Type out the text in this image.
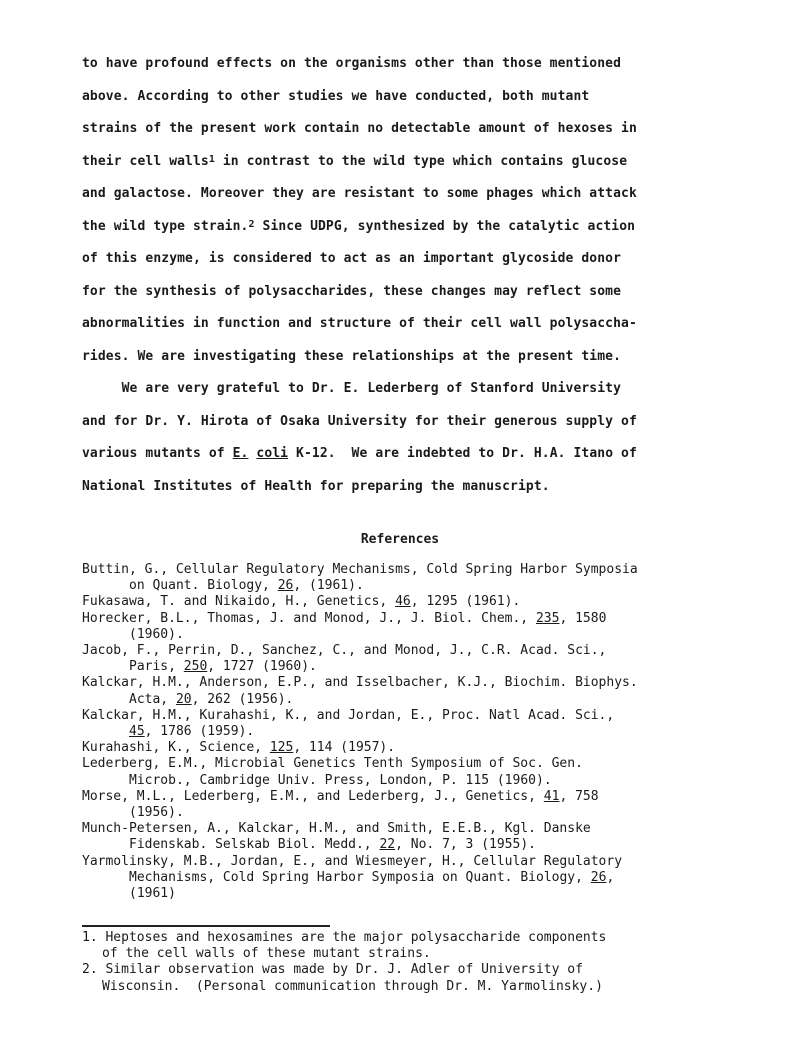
to have profound effects on the organisms other than those mentioned
above. According to other studies we have conducted, both mutant
strains of the present work contain no detectable amount of hexoses in
their cell walls$^1$ in contrast to the wild type which contains glucose
and galactose. Moreover they are resistant to some phages which attack
the wild type strain.$^2$ Since UDPG, synthesized by the catalytic action
of this enzyme, is considered to act as an important glycoside donor
for the synthesis of polysaccharides, these changes may reflect some
abnormalities in function and structure of their cell wall polysaccha-
rides. We are investigating these relationships at the present time.
We are very grateful to Dr. E. Lederberg of Stanford University
and for Dr. Y. Hirota of Osaka University for their generous supply of
various mutants of E. coli K-12.  We are indebted to Dr. H.A. Itano of
National Institutes of Health for preparing the manuscript.
References
Buttin, G., Cellular Regulatory Mechanisms, Cold Spring Harbor Symposia
on Quant. Biology, 26, (1961).
Fukasawa, T. and Nikaido, H., Genetics, 46, 1295 (1961).
Horecker, B.L., Thomas, J. and Monod, J., J. Biol. Chem., 235, 1580
(1960).
Jacob, F., Perrin, D., Sanchez, C., and Monod, J., C.R. Acad. Sci.,
Paris, 250, 1727 (1960).
Kalckar, H.M., Anderson, E.P., and Isselbacher, K.J., Biochim. Biophys.
Acta, 20, 262 (1956).
Kalckar, H.M., Kurahashi, K., and Jordan, E., Proc. Natl Acad. Sci.,
45, 1786 (1959).
Kurahashi, K., Science, 125, 114 (1957).
Lederberg, E.M., Microbial Genetics Tenth Symposium of Soc. Gen.
Microb., Cambridge Univ. Press, London, P. 115 (1960).
Morse, M.L., Lederberg, E.M., and Lederberg, J., Genetics, 41, 758
(1956).
Munch-Petersen, A., Kalckar, H.M., and Smith, E.E.B., Kgl. Danske
Fidenskab. Selskab Biol. Medd., 22, No. 7, 3 (1955).
Yarmolinsky, M.B., Jordan, E., and Wiesmeyer, H., Cellular Regulatory
Mechanisms, Cold Spring Harbor Symposia on Quant. Biology, 26,
(1961)
1. Heptoses and hexosamines are the major polysaccharide components
of the cell walls of these mutant strains.
2. Similar observation was made by Dr. J. Adler of University of
Wisconsin.  (Personal communication through Dr. M. Yarmolinsky.)
